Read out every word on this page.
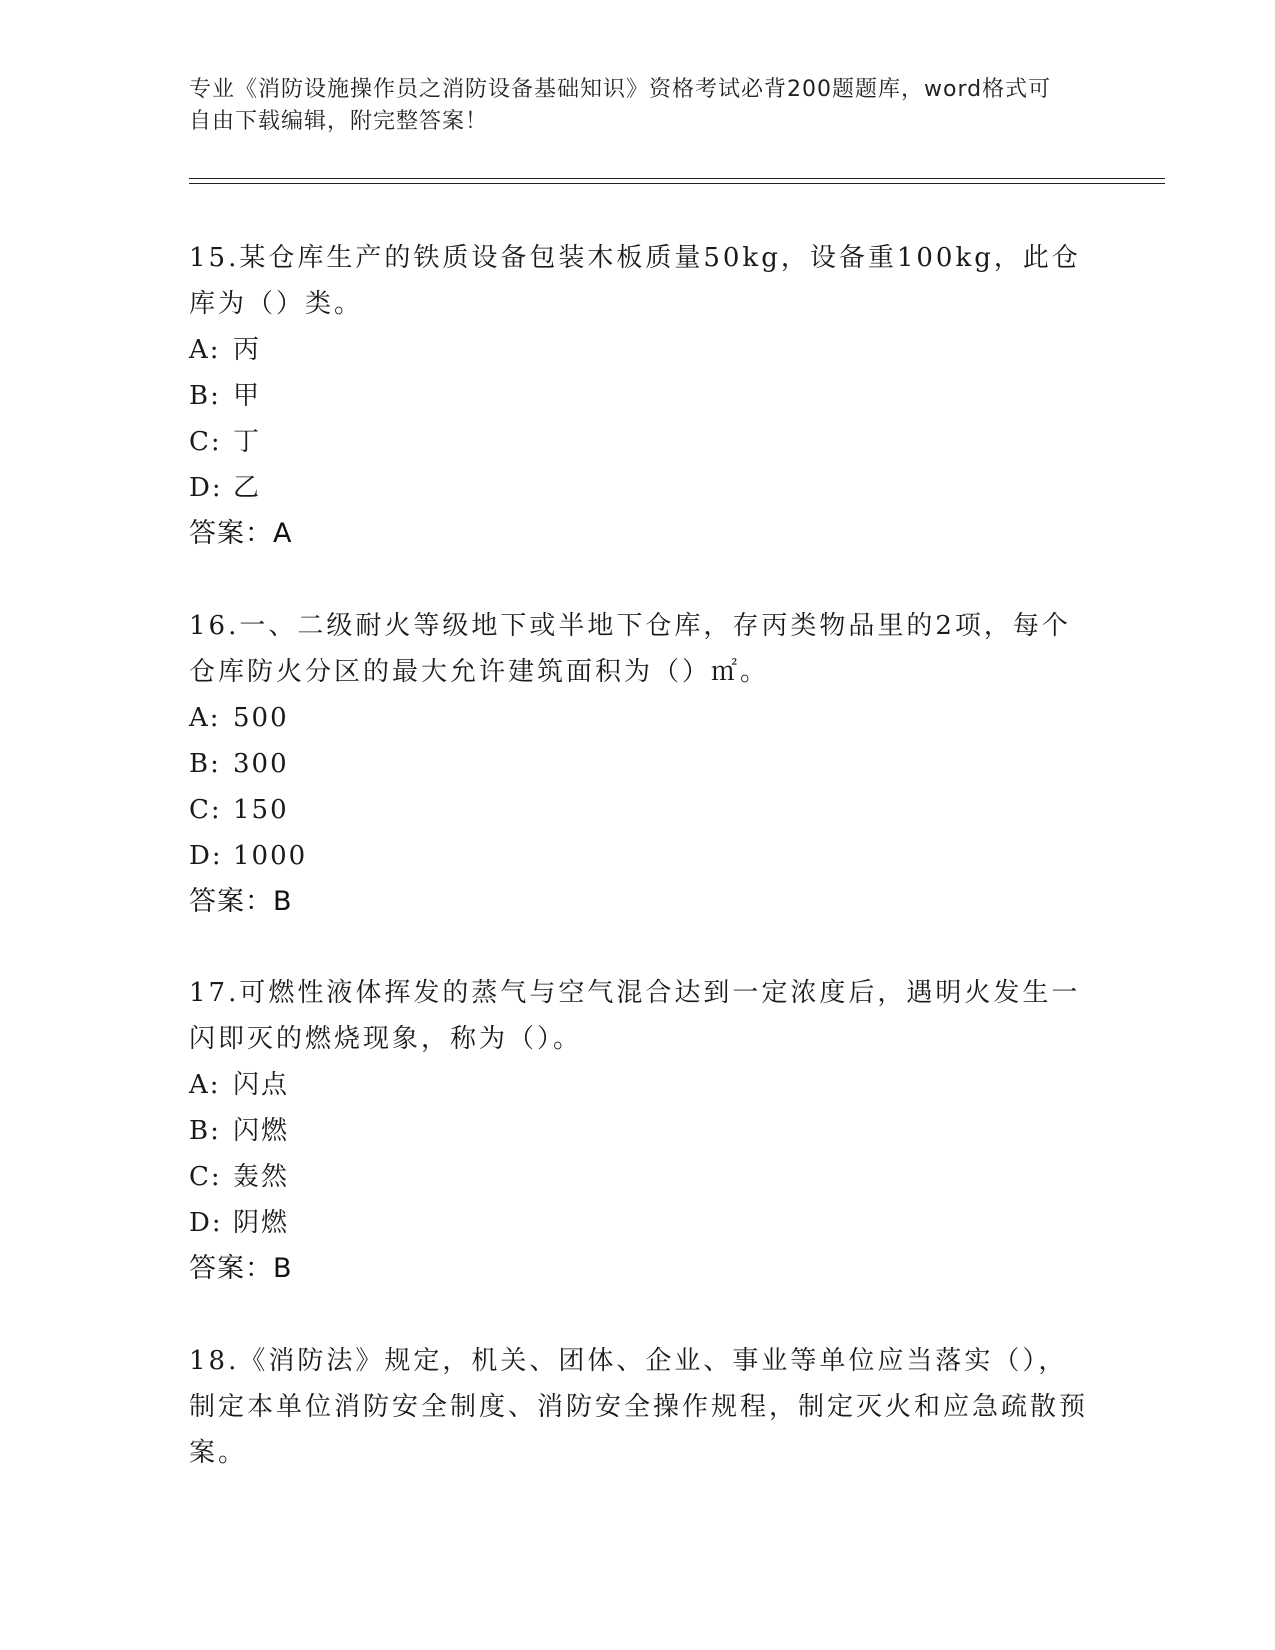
专业《消防设施操作员之消防设备基础知识》资格考试必背200题题库，word格式可自由下载编辑，附完整答案！
15.某仓库生产的铁质设备包装木板质量50kg，设备重100kg，此仓库为（）类。
A: 丙
B: 甲
C: 丁
D: 乙
答案：A
16.一、二级耐火等级地下或半地下仓库，存丙类物品里的2项，每个仓库防火分区的最大允许建筑面积为（）㎡。
A: 500
B: 300
C: 150
D: 1000
答案：B
17.可燃性液体挥发的蒸气与空气混合达到一定浓度后，遇明火发生一闪即灭的燃烧现象，称为（）。
A: 闪点
B: 闪燃
C: 轰然
D: 阴燃
答案：B
18.《消防法》规定，机关、团体、企业、事业等单位应当落实（），制定本单位消防安全制度、消防安全操作规程，制定灭火和应急疏散预案。
